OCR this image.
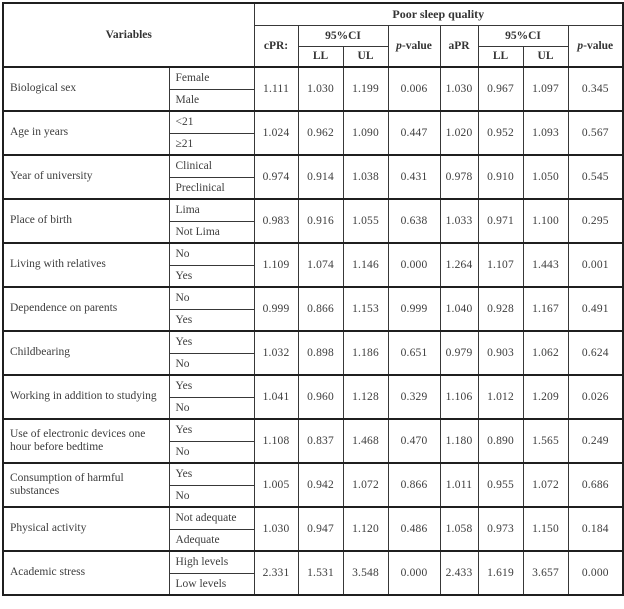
Variables		Poor sleep quality							
		cPR:	95%CI		p-value	aPR	95%CI		p-value
			LL	UL			LL	UL	
Biological sex	Female	1.111	1.030	1.199	0.006	1.030	0.967	1.097	0.345
	Male								
Age in years	<21	1.024	0.962	1.090	0.447	1.020	0.952	1.093	0.567
	≥21								
Year of university	Clinical	0.974	0.914	1.038	0.431	0.978	0.910	1.050	0.545
	Preclinical								
Place of birth	Lima	0.983	0.916	1.055	0.638	1.033	0.971	1.100	0.295
	Not Lima								
Living with relatives	No	1.109	1.074	1.146	0.000	1.264	1.107	1.443	0.001
	Yes								
Dependence on parents	No	0.999	0.866	1.153	0.999	1.040	0.928	1.167	0.491
	Yes								
Childbearing	Yes	1.032	0.898	1.186	0.651	0.979	0.903	1.062	0.624
	No								
Working in addition to studying	Yes	1.041	0.960	1.128	0.329	1.106	1.012	1.209	0.026
	No								
Use of electronic devices one hour before bedtime	Yes	1.108	0.837	1.468	0.470	1.180	0.890	1.565	0.249
	No								
Consumption of harmful substances	Yes	1.005	0.942	1.072	0.866	1.011	0.955	1.072	0.686
	No								
Physical activity	Not adequate	1.030	0.947	1.120	0.486	1.058	0.973	1.150	0.184
	Adequate								
Academic stress	High levels	2.331	1.531	3.548	0.000	2.433	1.619	3.657	0.000
	Low levels								
